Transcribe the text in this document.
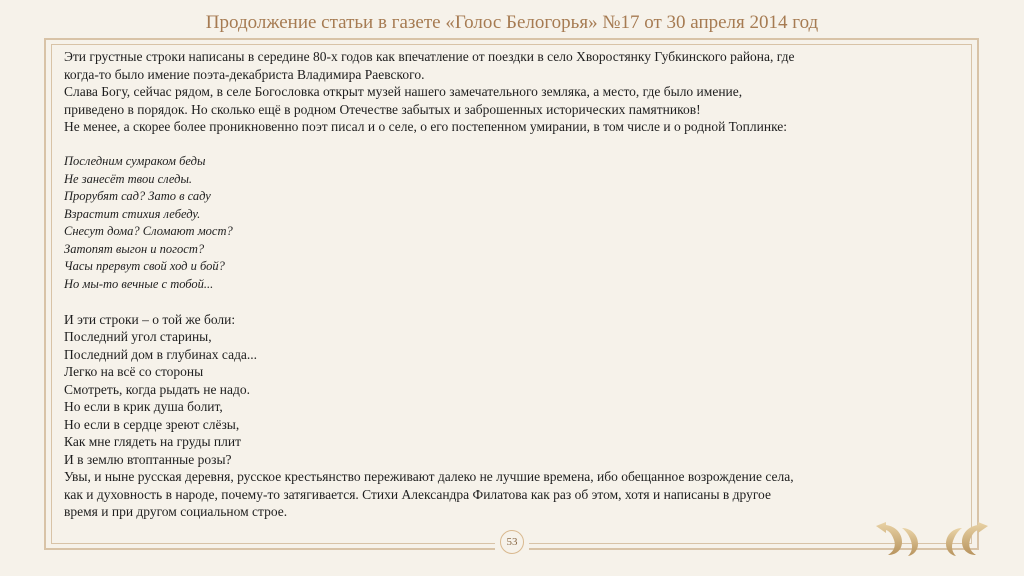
Продолжение статьи в газете «Голос Белогорья» №17 от 30 апреля 2014 год

Эти грустные строки написаны в середине 80-х годов как впечатление от поездки в село Хворостянку Губкинского района, где

когда-то было имение поэта-декабриста Владимира Раевского.

Слава Богу, сейчас рядом, в селе Богословка открыт музей нашего замечательного земляка, а место, где было имение,

приведено в порядок. Но сколько ещё в родном Отечестве забытых и заброшенных исторических памятников!

Не менее, а скорее более проникновенно поэт писал и о селе, о его постепенном умирании, в том числе и о родной Топлинке:

Последним сумраком беды

Не занесёт твои следы.

Прорубят сад? Зато в саду

Взрастит стихия лебеду.

Снесут дома? Сломают мост?

Затопят выгон и погост?

Часы прервут свой ход и бой?

Но мы-то вечные с тобой...

И эти строки – о той же боли:

Последний угол старины,

Последний дом в глубинах сада...

Легко на всё со стороны

Смотреть, когда рыдать не надо.

Но если в крик душа болит,

Но если в сердце зреют слёзы,

Как мне глядеть на груды плит

И в землю втоптанные розы?

Увы, и ныне русская деревня, русское крестьянство переживают далеко не лучшие времена, ибо обещанное возрождение села,

как и духовность в народе, почему-то затягивается. Стихи Александра Филатова как раз об этом, хотя и написаны в другое

время и при другом социальном строе.

53
